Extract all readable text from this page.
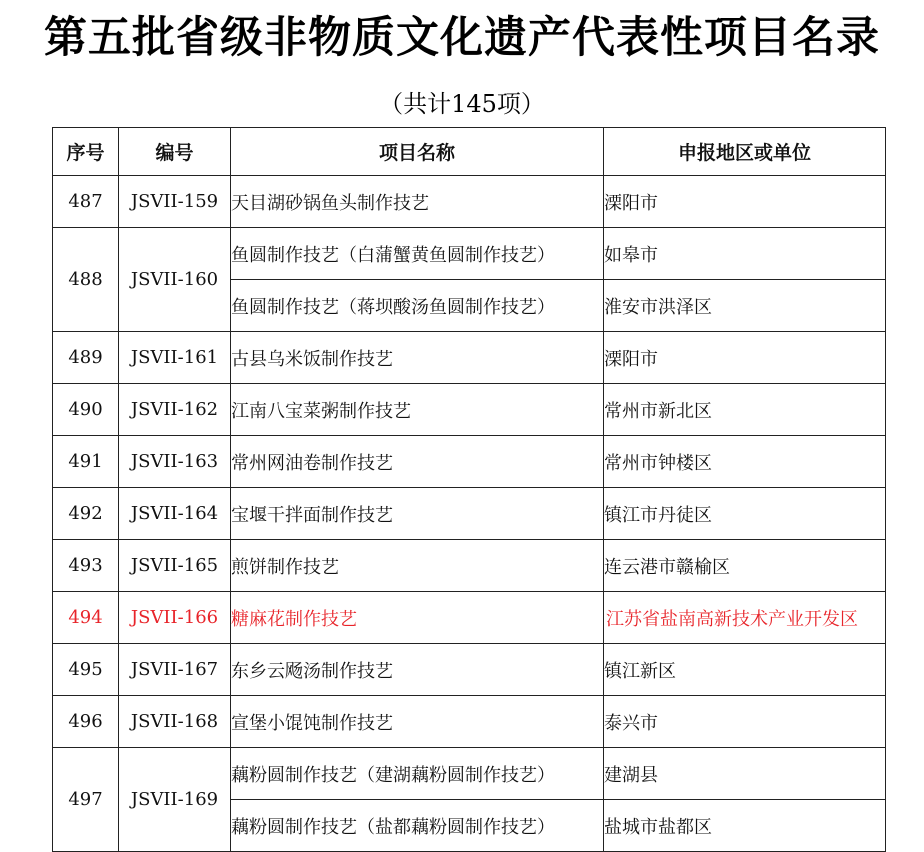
第五批省级非物质文化遗产代表性项目名录
（共计145项）
序号	编号	项目名称	申报地区或单位
487	JSVII-159	天目湖砂锅鱼头制作技艺	溧阳市
488	JSVII-160	鱼圆制作技艺（白蒲蟹黄鱼圆制作技艺）	如皋市
		鱼圆制作技艺（蒋坝酸汤鱼圆制作技艺）	淮安市洪泽区
489	JSVII-161	古县乌米饭制作技艺	溧阳市
490	JSVII-162	江南八宝菜粥制作技艺	常州市新北区
491	JSVII-163	常州网油卷制作技艺	常州市钟楼区
492	JSVII-164	宝堰干拌面制作技艺	镇江市丹徒区
493	JSVII-165	煎饼制作技艺	连云港市赣榆区
494	JSVII-166	糖麻花制作技艺	江苏省盐南高新技术产业开发区
495	JSVII-167	东乡云飏汤制作技艺	镇江新区
496	JSVII-168	宣堡小馄饨制作技艺	泰兴市
497	JSVII-169	藕粉圆制作技艺（建湖藕粉圆制作技艺）	建湖县
		藕粉圆制作技艺（盐都藕粉圆制作技艺）	盐城市盐都区
